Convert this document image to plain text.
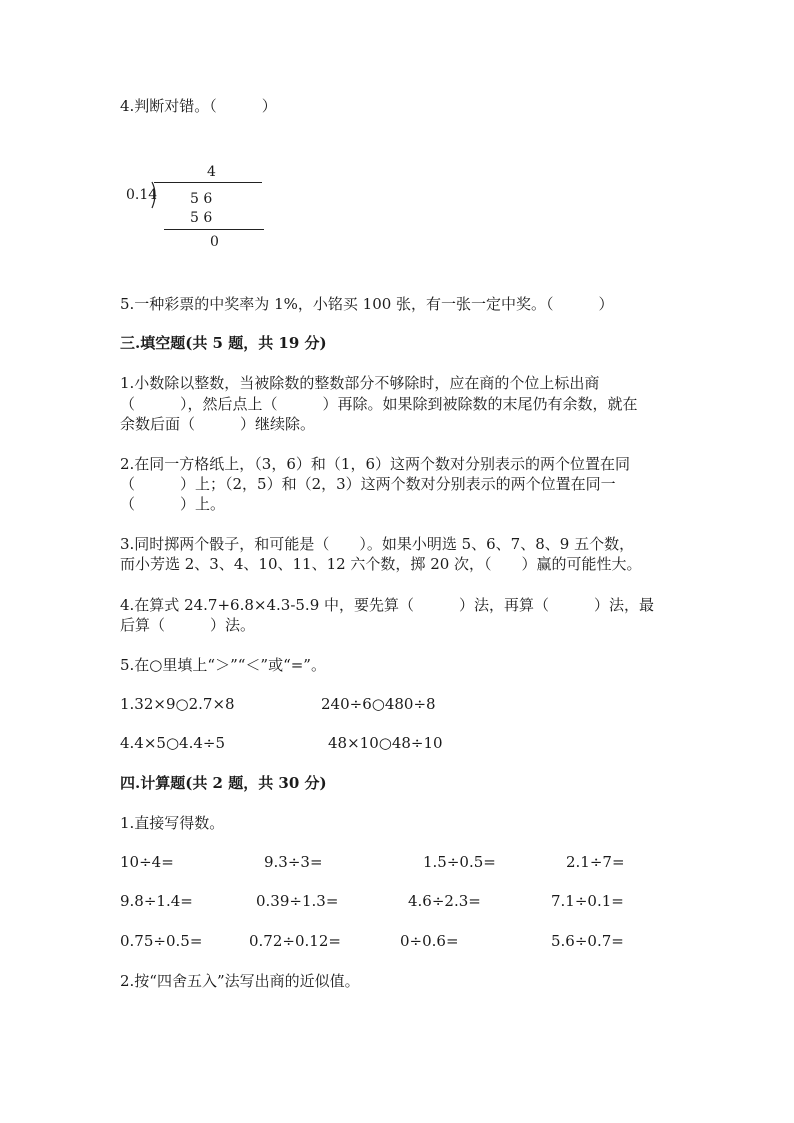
4.判断对错。（　　　）
4
0.14 5 6
5 6
0
5.一种彩票的中奖率为 1%，小铭买 100 张，有一张一定中奖。（　　　）
三.填空题(共 5 题，共 19 分)
1.小数除以整数，当被除数的整数部分不够除时，应在商的个位上标出商
（　　　），然后点上（　　　）再除。如果除到被除数的末尾仍有余数，就在
余数后面（　　　）继续除。
2.在同一方格纸上，（3，6）和（1，6）这两个数对分别表示的两个位置在同
（　　　）上；（2，5）和（2，3）这两个数对分别表示的两个位置在同一
（　　　）上。
3.同时掷两个骰子，和可能是（　　）。如果小明选 5、6、7、8、9 五个数，
而小芳选 2、3、4、10、11、12 六个数，掷 20 次，（　　）赢的可能性大。
4.在算式 24.7+6.8×4.3-5.9 中，要先算（　　　）法，再算（　　　）法，最
后算（　　　）法。
5.在○里填上“＞”“＜”或“=”。
1.32×9○2.7×8	240÷6○480÷8
4.4×5○4.4÷5	48×10○48÷10
四.计算题(共 2 题，共 30 分)
1.直接写得数。
10÷4=	9.3÷3=	1.5÷0.5=	2.1÷7=
9.8÷1.4=	0.39÷1.3=	4.6÷2.3=	7.1÷0.1=
0.75÷0.5=	0.72÷0.12=	0÷0.6=	5.6÷0.7=
2.按“四舍五入”法写出商的近似值。
